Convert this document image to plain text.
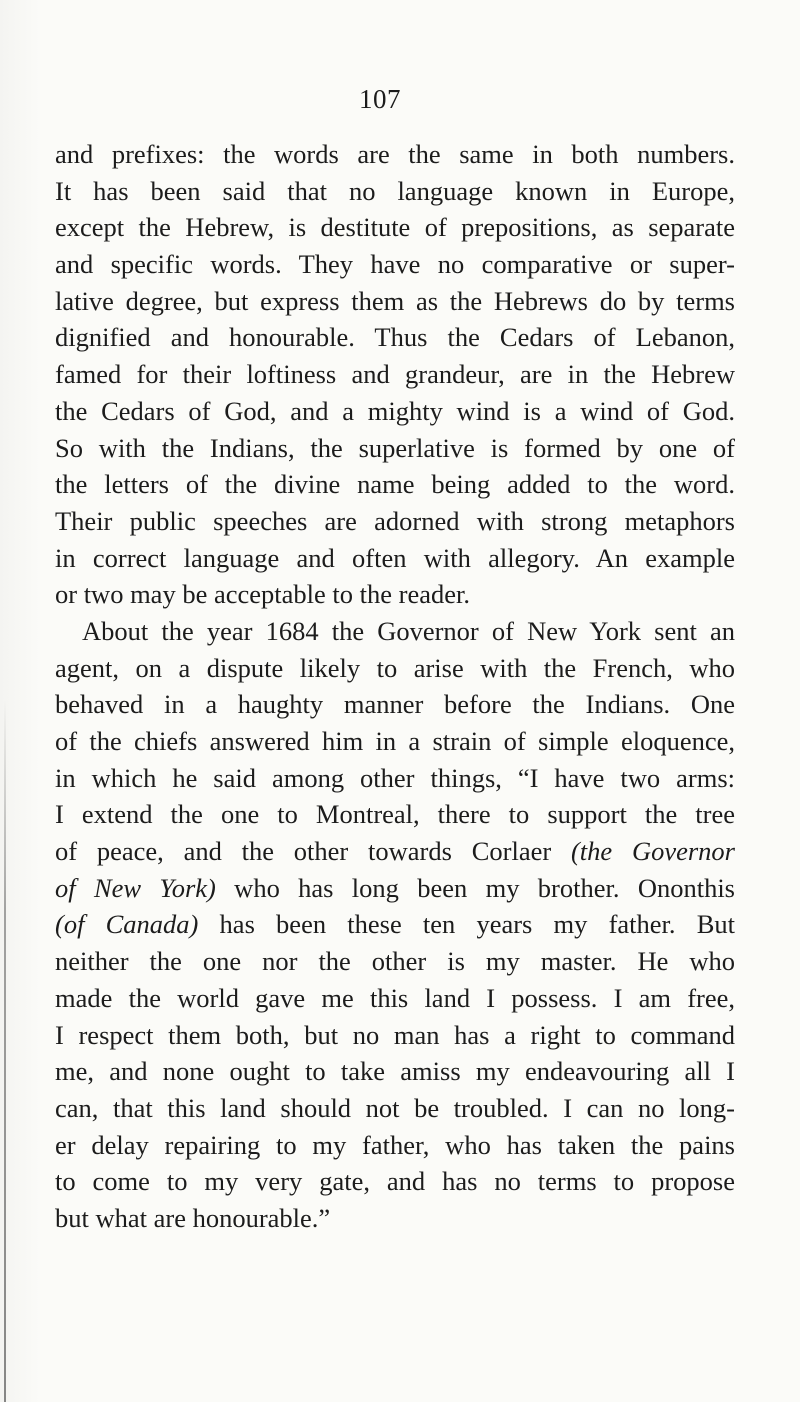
107
and prefixes: the words are the same in both numbers.
It has been said that no language known in Europe,
except the Hebrew, is destitute of prepositions, as separate
and specific words. They have no comparative or super-
lative degree, but express them as the Hebrews do by terms
dignified and honourable. Thus the Cedars of Lebanon,
famed for their loftiness and grandeur, are in the Hebrew
the Cedars of God, and a mighty wind is a wind of God.
So with the Indians, the superlative is formed by one of
the letters of the divine name being added to the word.
Their public speeches are adorned with strong metaphors
in correct language and often with allegory. An example
or two may be acceptable to the reader.
About the year 1684 the Governor of New York sent an
agent, on a dispute likely to arise with the French, who
behaved in a haughty manner before the Indians. One
of the chiefs answered him in a strain of simple eloquence,
in which he said among other things, “I have two arms:
I extend the one to Montreal, there to support the tree
of peace, and the other towards Corlaer (the Governor
of New York) who has long been my brother. Ononthis
(of Canada) has been these ten years my father. But
neither the one nor the other is my master. He who
made the world gave me this land I possess. I am free,
I respect them both, but no man has a right to command
me, and none ought to take amiss my endeavouring all I
can, that this land should not be troubled. I can no long-
er delay repairing to my father, who has taken the pains
to come to my very gate, and has no terms to propose
but what are honourable.”
